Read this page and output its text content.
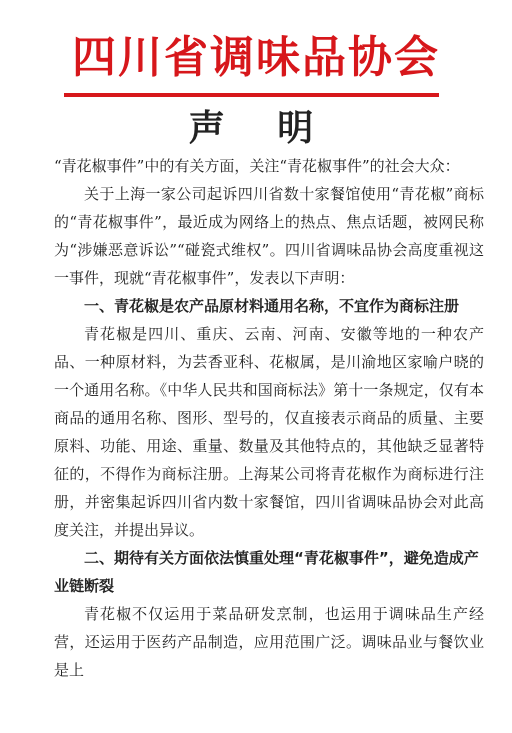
四川省调味品协会
声 明

“青花椒事件”中的有关方面，关注“青花椒事件”的社会大众：

关于上海一家公司起诉四川省数十家餐馆使用“青花椒”商标的“青花椒事件”，最近成为网络上的热点、焦点话题，被网民称为“涉嫌恶意诉讼”“碰瓷式维权”。四川省调味品协会高度重视这一事件，现就“青花椒事件”，发表以下声明：

一、青花椒是农产品原材料通用名称，不宜作为商标注册

青花椒是四川、重庆、云南、河南、安徽等地的一种农产品、一种原材料，为芸香亚科、花椒属，是川渝地区家喻户晓的一个通用名称。《中华人民共和国商标法》第十一条规定，仅有本商品的通用名称、图形、型号的，仅直接表示商品的质量、主要原料、功能、用途、重量、数量及其他特点的，其他缺乏显著特征的，不得作为商标注册。上海某公司将青花椒作为商标进行注册，并密集起诉四川省内数十家餐馆，四川省调味品协会对此高度关注，并提出异议。

二、期待有关方面依法慎重处理“青花椒事件”，避免造成产业链断裂

青花椒不仅运用于菜品研发烹制，也运用于调味品生产经营，还运用于医药产品制造，应用范围广泛。调味品业与餐饮业是上
